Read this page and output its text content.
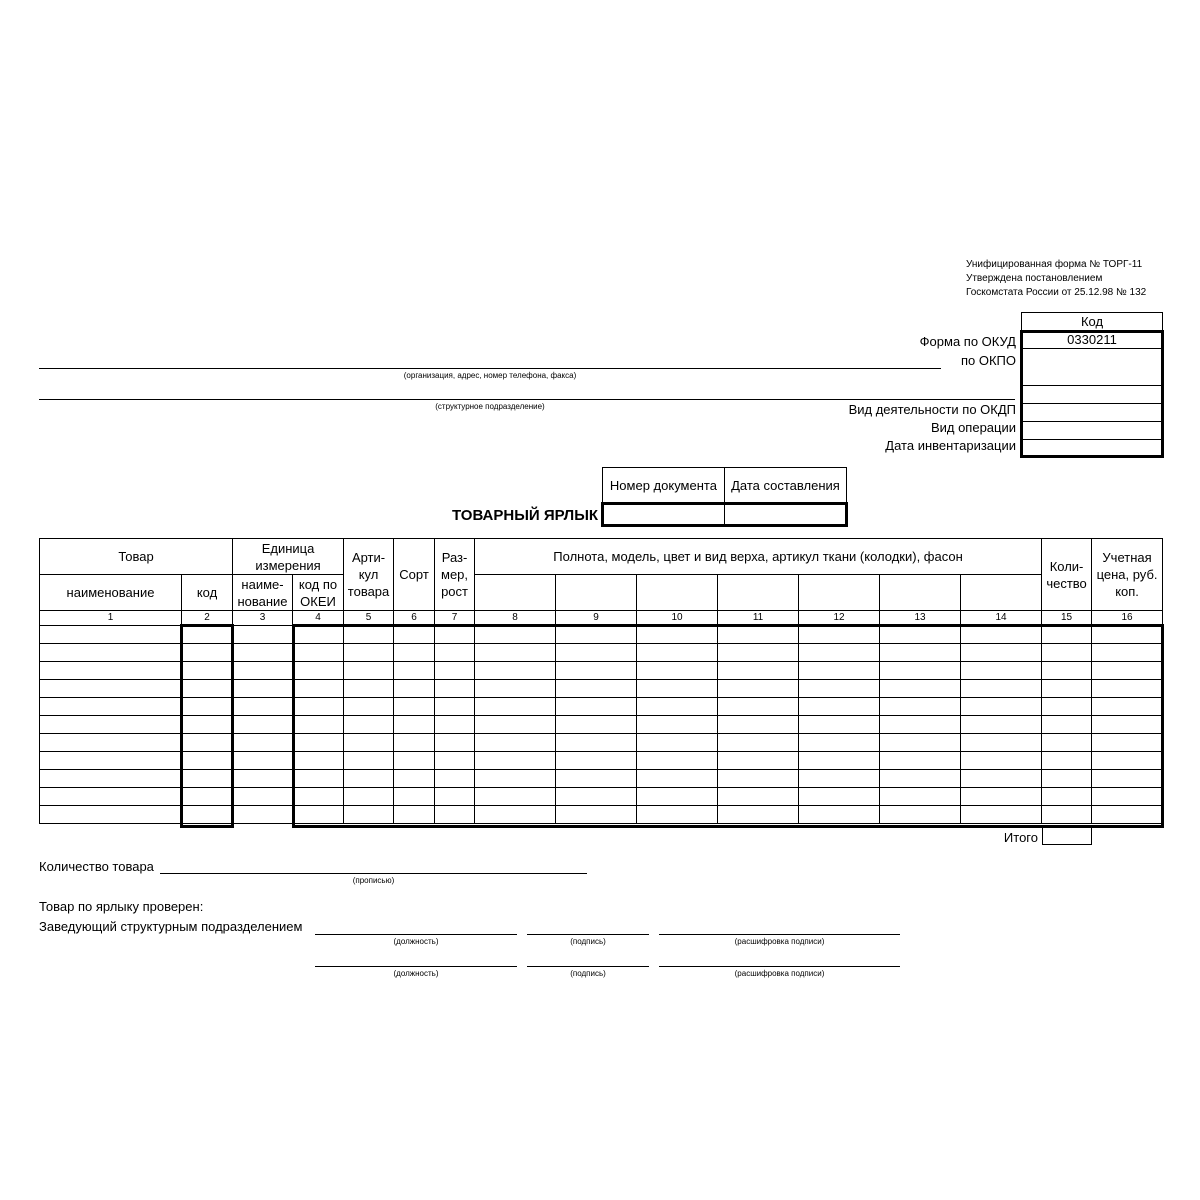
Унифицированная форма № ТОРГ-11
Утверждена постановлением
Госкомстата России от 25.12.98 № 132
Код
0330211

Форма по ОКУД
по ОКПО
Вид деятельности по ОКДП
Вид операции
Дата инвентаризации
(организация, адрес, номер телефона, факса)
(структурное подразделение)
Номер документа	Дата составления

ТОВАРНЫЙ ЯРЛЫК
Товар		Единица измерения		Арти-кул товара	Сорт	Раз-мер, рост	Полнота, модель, цвет и вид верха, артикул ткани (колодки), фасон							Коли-чество	Учетная цена, руб. коп.
наименование	код	наиме-нование	код по ОКЕИ												
1	2	3	4	5	6	7	8	9	10	11	12	13	14	15	16

Итого
Количество товара
(прописью)
Товар по ярлыку проверен:
Заведующий структурным подразделением
(должность)	(подпись)	(расшифровка подписи)
(должность)	(подпись)	(расшифровка подписи)
